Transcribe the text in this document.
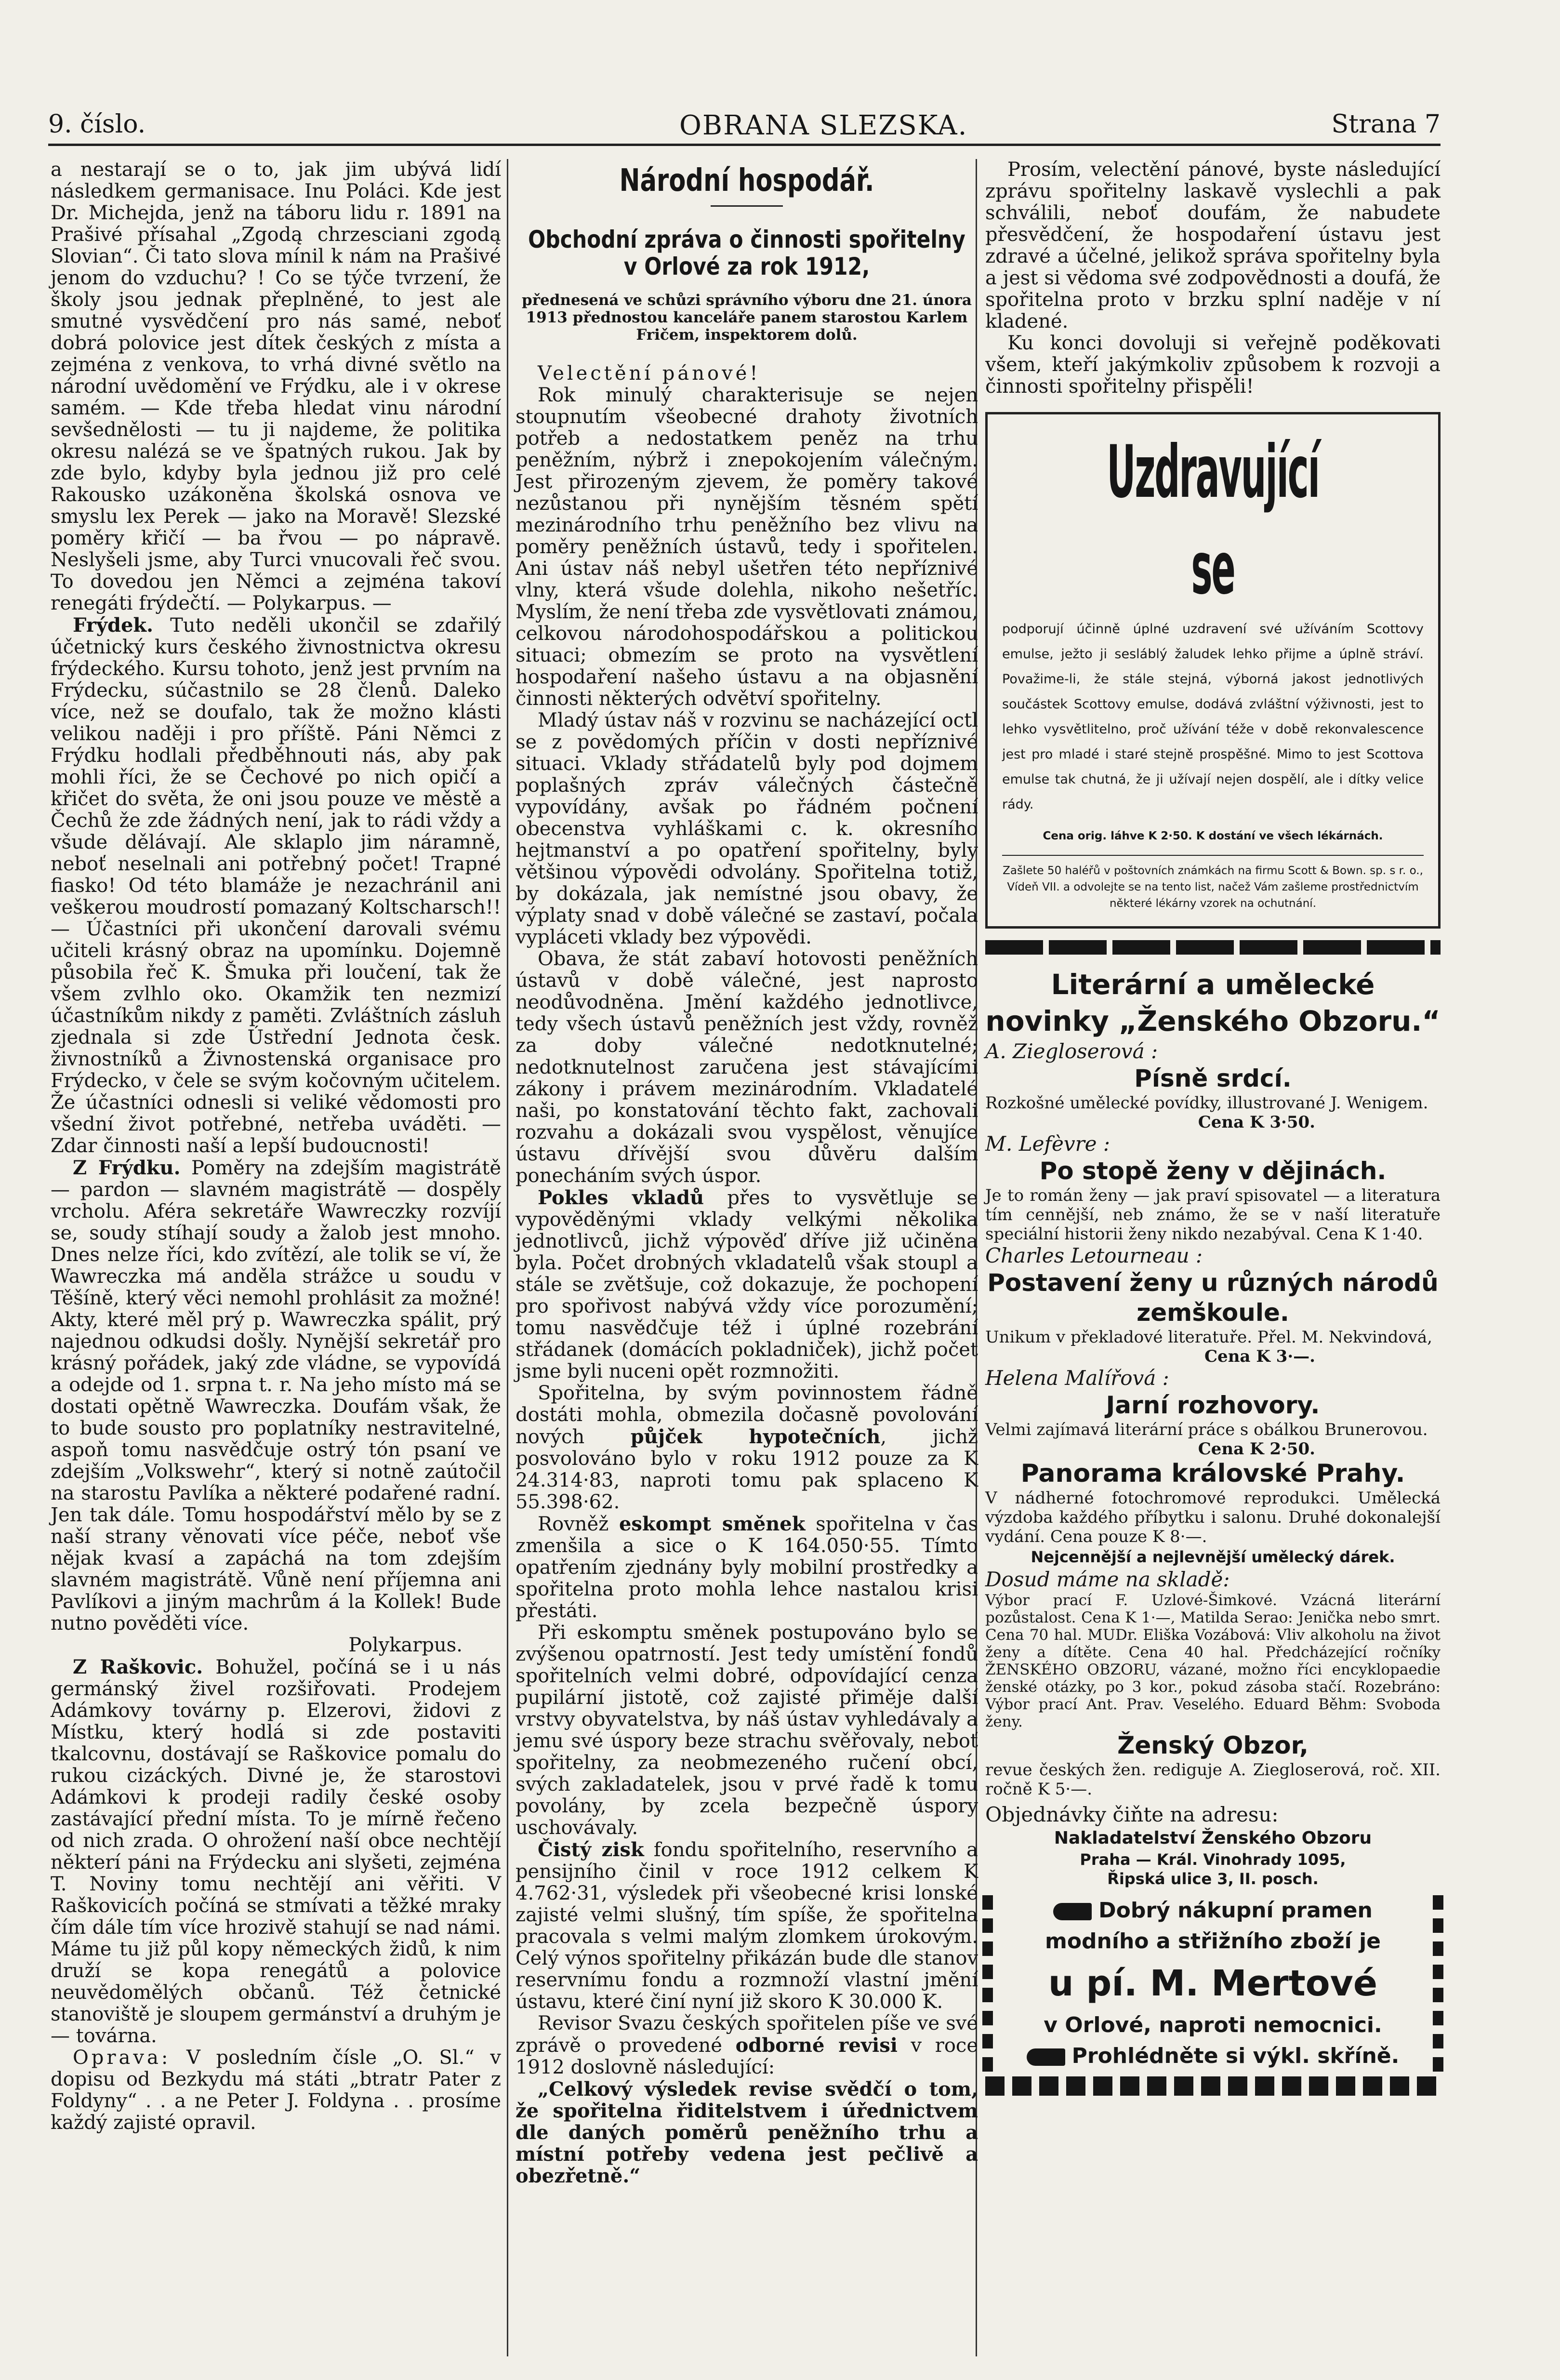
9. číslo.	OBRANA SLEZSKA.	Strana 7

a nestarají se o to, jak jim ubývá lidí následkem germanisace. Inu Poláci. Kde jest Dr. Michejda, jenž na táboru lidu r. 1891 na Prašivé přísahal „Zgodą chrzesciani zgodą Slovian“. Či tato slova mínil k nám na Prašivé jenom do vzduchu? ! Co se týče tvrzení, že školy jsou jednak přeplněné, to jest ale smutné vysvědčení pro nás samé, neboť dobrá polovice jest dítek českých z místa a zejména z venkova, to vrhá divné světlo na národní uvědomění ve Frýdku, ale i v okrese samém. — Kde třeba hledat vinu národní sevšednělosti — tu ji najdeme, že politika okresu nalézá se ve špatných rukou. Jak by zde bylo, kdyby byla jednou již pro celé Rakousko uzákoněna školská osnova ve smyslu lex Perek — jako na Moravě! Slezské poměry křičí — ba řvou — po nápravě. Neslyšeli jsme, aby Turci vnucovali řeč svou. To dovedou jen Němci a zejména takoví renegáti frýdečtí. — Polykarpus. —

Frýdek. Tuto neděli ukončil se zdařilý účetnický kurs českého živnostnictva okresu frýdeckého. Kursu tohoto, jenž jest prvním na Frýdecku, súčastnilo se 28 členů. Daleko více, než se doufalo, tak že možno klásti velikou naději i pro příště. Páni Němci z Frýdku hodlali předběhnouti nás, aby pak mohli říci, že se Čechové po nich opičí a křičet do světa, že oni jsou pouze ve městě a Čechů že zde žádných není, jak to rádi vždy a všude dělávají. Ale sklaplo jim náramně, neboť neselnali ani potřebný počet! Trapné fiasko! Od této blamáže je nezachránil ani veškerou moudrostí pomazaný Koltscharsch!! — Účastníci při ukončení darovali svému učiteli krásný obraz na upomínku. Dojemně působila řeč K. Šmuka při loučení, tak že všem zvlhlo oko. Okamžik ten nezmizí účastníkům nikdy z paměti. Zvláštních zásluh zjednala si zde Ústřední Jednota česk. živnostníků a Živnostenská organisace pro Frýdecko, v čele se svým kočovným učitelem. Že účastníci odnesli si veliké vědomosti pro všední život potřebné, netřeba uváděti. — Zdar činnosti naší a lepší budoucnosti!

Z Frýdku. Poměry na zdejším magistrátě — pardon — slavném magistrátě — dospěly vrcholu. Aféra sekretáře Wawreczky rozvíjí se, soudy stíhají soudy a žalob jest mnoho. Dnes nelze říci, kdo zvítězí, ale tolik se ví, že Wawreczka má anděla strážce u soudu v Těšíně, který věci nemohl prohlásit za možné! Akty, které měl prý p. Wawreczka spálit, prý najednou odkudsi došly. Nynější sekretář pro krásný pořádek, jaký zde vládne, se vypovídá a odejde od 1. srpna t. r. Na jeho místo má se dostati opětně Wawreczka. Doufám však, že to bude sousto pro poplatníky nestravitelné, aspoň tomu nasvědčuje ostrý tón psaní ve zdejším „Volkswehr“, který si notně zaútočil na starostu Pavlíka a některé podařené radní. Jen tak dále. Tomu hospodářství mělo by se z naší strany věnovati více péče, neboť vše nějak kvasí a zapáchá na tom zdejším slavném magistrátě. Vůně není příjemna ani Pavlíkovi a jiným machrům á la Kollek! Bude nutno pověděti více.

Polykarpus.

Z Raškovic. Bohužel, počíná se i u nás germánský živel rozšiřovati. Prodejem Adámkovy továrny p. Elzerovi, židovi z Místku, který hodlá si zde postaviti tkalcovnu, dostávají se Raškovice pomalu do rukou cizáckých. Divné je, že starostovi Adámkovi k prodeji radily české osoby zastávající přední místa. To je mírně řečeno od nich zrada. O ohrožení naší obce nechtějí některí páni na Frýdecku ani slyšeti, zejména T. Noviny tomu nechtějí ani věřiti. V Raškovicích počíná se stmívati a těžké mraky čím dále tím více hrozivě stahují se nad námi. Máme tu již půl kopy německých židů, k nim druží se kopa renegátů a polovice neuvědomělých občanů. Též četnické stanoviště je sloupem germánství a druhým je — továrna.

Oprava: V posledním čísle „O. Sl.“ v dopisu od Bezkydu má státi „btratr Pater z Foldyny“ . . a ne Peter J. Foldyna . . prosíme každý zajisté opravil.

Národní hospodář.
Obchodní zpráva o činnosti spořitelny v Orlové za rok 1912,
přednesená ve schůzi správního výboru dne 21. února 1913 přednostou kanceláře panem starostou Karlem Fričem, inspektorem dolů.

Velectění pánové!

Rok minulý charakterisuje se nejen stoupnutím všeobecné drahoty životních potřeb a nedostatkem peněz na trhu peněžním, nýbrž i znepokojením válečným. Jest přirozeným zjevem, že poměry takové nezůstanou při nynějším těsném spětí mezinárodního trhu peněžního bez vlivu na poměry peněžních ústavů, tedy i spořitelen. Ani ústav náš nebyl ušetřen této nepříznivé vlny, která všude dolehla, nikoho nešetříc. Myslím, že není třeba zde vysvětlovati známou, celkovou národohospodářskou a politickou situaci; obmezím se proto na vysvětlení hospodaření našeho ústavu a na objasnění činnosti některých odvětví spořitelny.

Mladý ústav náš v rozvinu se nacházející octl se z povědomých příčin v dosti nepříznivé situaci. Vklady střádatelů byly pod dojmem poplašných zpráv válečných částečně vypovídány, avšak po řádném počnení obecenstva vyhláškami c. k. okresního hejtmanství a po opatření spořitelny, byly většinou výpovědi odvolány. Spořitelna totiž, by dokázala, jak nemístné jsou obavy, že výplaty snad v době válečné se zastaví, počala vypláceti vklady bez výpovědi.

Obava, že stát zabaví hotovosti peněžních ústavů v době válečné, jest naprosto neodůvodněna. Jmění každého jednotlivce, tedy všech ústavů peněžních jest vždy, rovněž za doby válečné nedotknutelné; nedotknutelnost zaručena jest stávajícími zákony i právem mezinárodním. Vkladatelé naši, po konstatování těchto fakt, zachovali rozvahu a dokázali svou vyspělost, věnujíce ústavu dřívější svou důvěru dalším ponecháním svých úspor.

Pokles vkladů přes to vysvětluje se vypověděnými vklady velkými několika jednotlivců, jichž výpověď dříve již učiněna byla. Počet drobných vkladatelů však stoupl a stále se zvětšuje, což dokazuje, že pochopení pro spořivost nabývá vždy více porozumění; tomu nasvědčuje též i úplné rozebrání střádanek (domácích pokladniček), jichž počet jsme byli nuceni opět rozmnožiti.

Spořitelna, by svým povinnostem řádně dostáti mohla, obmezila dočasně povolování nových půjček hypotečních, jichž posvolováno bylo v roku 1912 pouze za K 24.314·83, naproti tomu pak splaceno K 55.398·62.

Rovněž eskompt směnek spořitelna v čas zmenšila a sice o K 164.050·55. Tímto opatřením zjednány byly mobilní prostředky a spořitelna proto mohla lehce nastalou krisi přestáti.

Při eskomptu směnek postupováno bylo se zvýšenou opatrností. Jest tedy umístění fondů spořitelních velmi dobré, odpovídající cenza pupilární jistotě, což zajisté přiměje další vrstvy obyvatelstva, by náš ústav vyhledávaly a jemu své úspory beze strachu svěřovaly, neboť spořitelny, za neobmezeného ručení obcí, svých zakladatelek, jsou v prvé řadě k tomu povolány, by zcela bezpečně úspory uschovávaly.

Čistý zisk fondu spořitelního, reservního a pensijního činil v roce 1912 celkem K 4.762·31, výsledek při všeobecné krisi lonské zajisté velmi slušný, tím spíše, že spořitelna pracovala s velmi malým zlomkem úrokovým. Celý výnos spořitelny přikázán bude dle stanov reservnímu fondu a rozmnoží vlastní jmění ústavu, které činí nyní již skoro K 30.000 K.

Revisor Svazu českých spořitelen píše ve své zprávě o provedené odborné revisi v roce 1912 doslovně následující:

„Celkový výsledek revise svědčí o tom, že spořitelna řiditelstvem i úřednictvem dle daných poměrů peněžního trhu a místní potřeby vedena jest pečlivě a obezřetně.“

Prosím, velectění pánové, byste následující zprávu spořitelny laskavě vyslechli a pak schválili, neboť doufám, že nabudete přesvědčení, že hospodaření ústavu jest zdravé a účelné, jelikož správa spořitelny byla a jest si vědoma své zodpovědnosti a doufá, že spořitelna proto v brzku splní naděje v ní kladené.

Ku konci dovoluji si veřejně poděkovati všem, kteří jakýmkoliv způsobem k rozvoji a činnosti spořitelny přispěli!

Uzdravující se
podporují účinně úplné uzdravení své užíváním Scottovy emulse, ježto ji sesláblý žaludek lehko přijme a úplně stráví. Považime-li, že stále stejná, výborná jakost jednotlivých součástek Scottovy emulse, dodává zvláštní výživnosti, jest to lehko vysvětlitelno, proč užívání téže v době rekonvalescence jest pro mladé i staré stejně prospěšné. Mimo to jest Scottova emulse tak chutná, že ji užívají nejen dospělí, ale i dítky velice rády.
Cena orig. láhve K 2·50. K dostání ve všech lékárnách.
Zašlete 50 haléřů v poštovních známkách na firmu Scott & Bown. sp. s r. o., Vídeň VII. a odvolejte se na tento list, načež Vám zašleme prostřednictvím některé lékárny vzorek na ochutnání.
Literární a umělecké novinky „Ženského Obzoru.“
A. Ziegloserová :
Písně srdcí.
Rozkošné umělecké povídky, illustrované J. Wenigem.
Cena K 3·50.
M. Lefèvre :
Po stopě ženy v dějinách.
Je to román ženy — jak praví spisovatel — a literatura tím cennější, neb známo, že se v naší literatuře speciální historii ženy nikdo nezabýval. Cena K 1·40.
Charles Letourneau :
Postavení ženy u různých národů zemškoule.
Unikum v překladové literatuře. Přel. M. Nekvindová,
Cena K 3·—.
Helena Malířová :
Jarní rozhovory.
Velmi zajímavá literární práce s obálkou Brunerovou.
Cena K 2·50.
Panorama královské Prahy.
V nádherné fotochromové reprodukci. Umělecká výzdoba každého příbytku i salonu. Druhé dokonalejší vydání. Cena pouze K 8·—.
Nejcennější a nejlevnější umělecký dárek.
Dosud máme na skladě:
Výbor prací F. Uzlové-Šimkové. Vzácná literární pozůstalost. Cena K 1·—, Matilda Serao: Jenička nebo smrt. Cena 70 hal. MUDr. Eliška Vozábová: Vliv alkoholu na život ženy a dítěte. Cena 40 hal. Předcházející ročníky ŽENSKÉHO OBZORU, vázané, možno říci encyklopaedie ženské otázky, po 3 kor., pokud zásoba stačí. Rozebráno: Výbor prací Ant. Prav. Veselého. Eduard Běhm: Svoboda ženy.
Ženský Obzor,
revue českých žen. rediguje A. Ziegloserová, roč. XII. ročně K 5·—.
Objednávky čiňte na adresu:
Nakladatelství Ženského Obzoru
Praha — Král. Vinohrady 1095,
Řipská ulice 3, II. posch.
Dobrý nákupní pramen
modního a střižního zboží je
u pí. M. Mertové
v Orlové, naproti nemocnici.
Prohlédněte si výkl. skříně.
